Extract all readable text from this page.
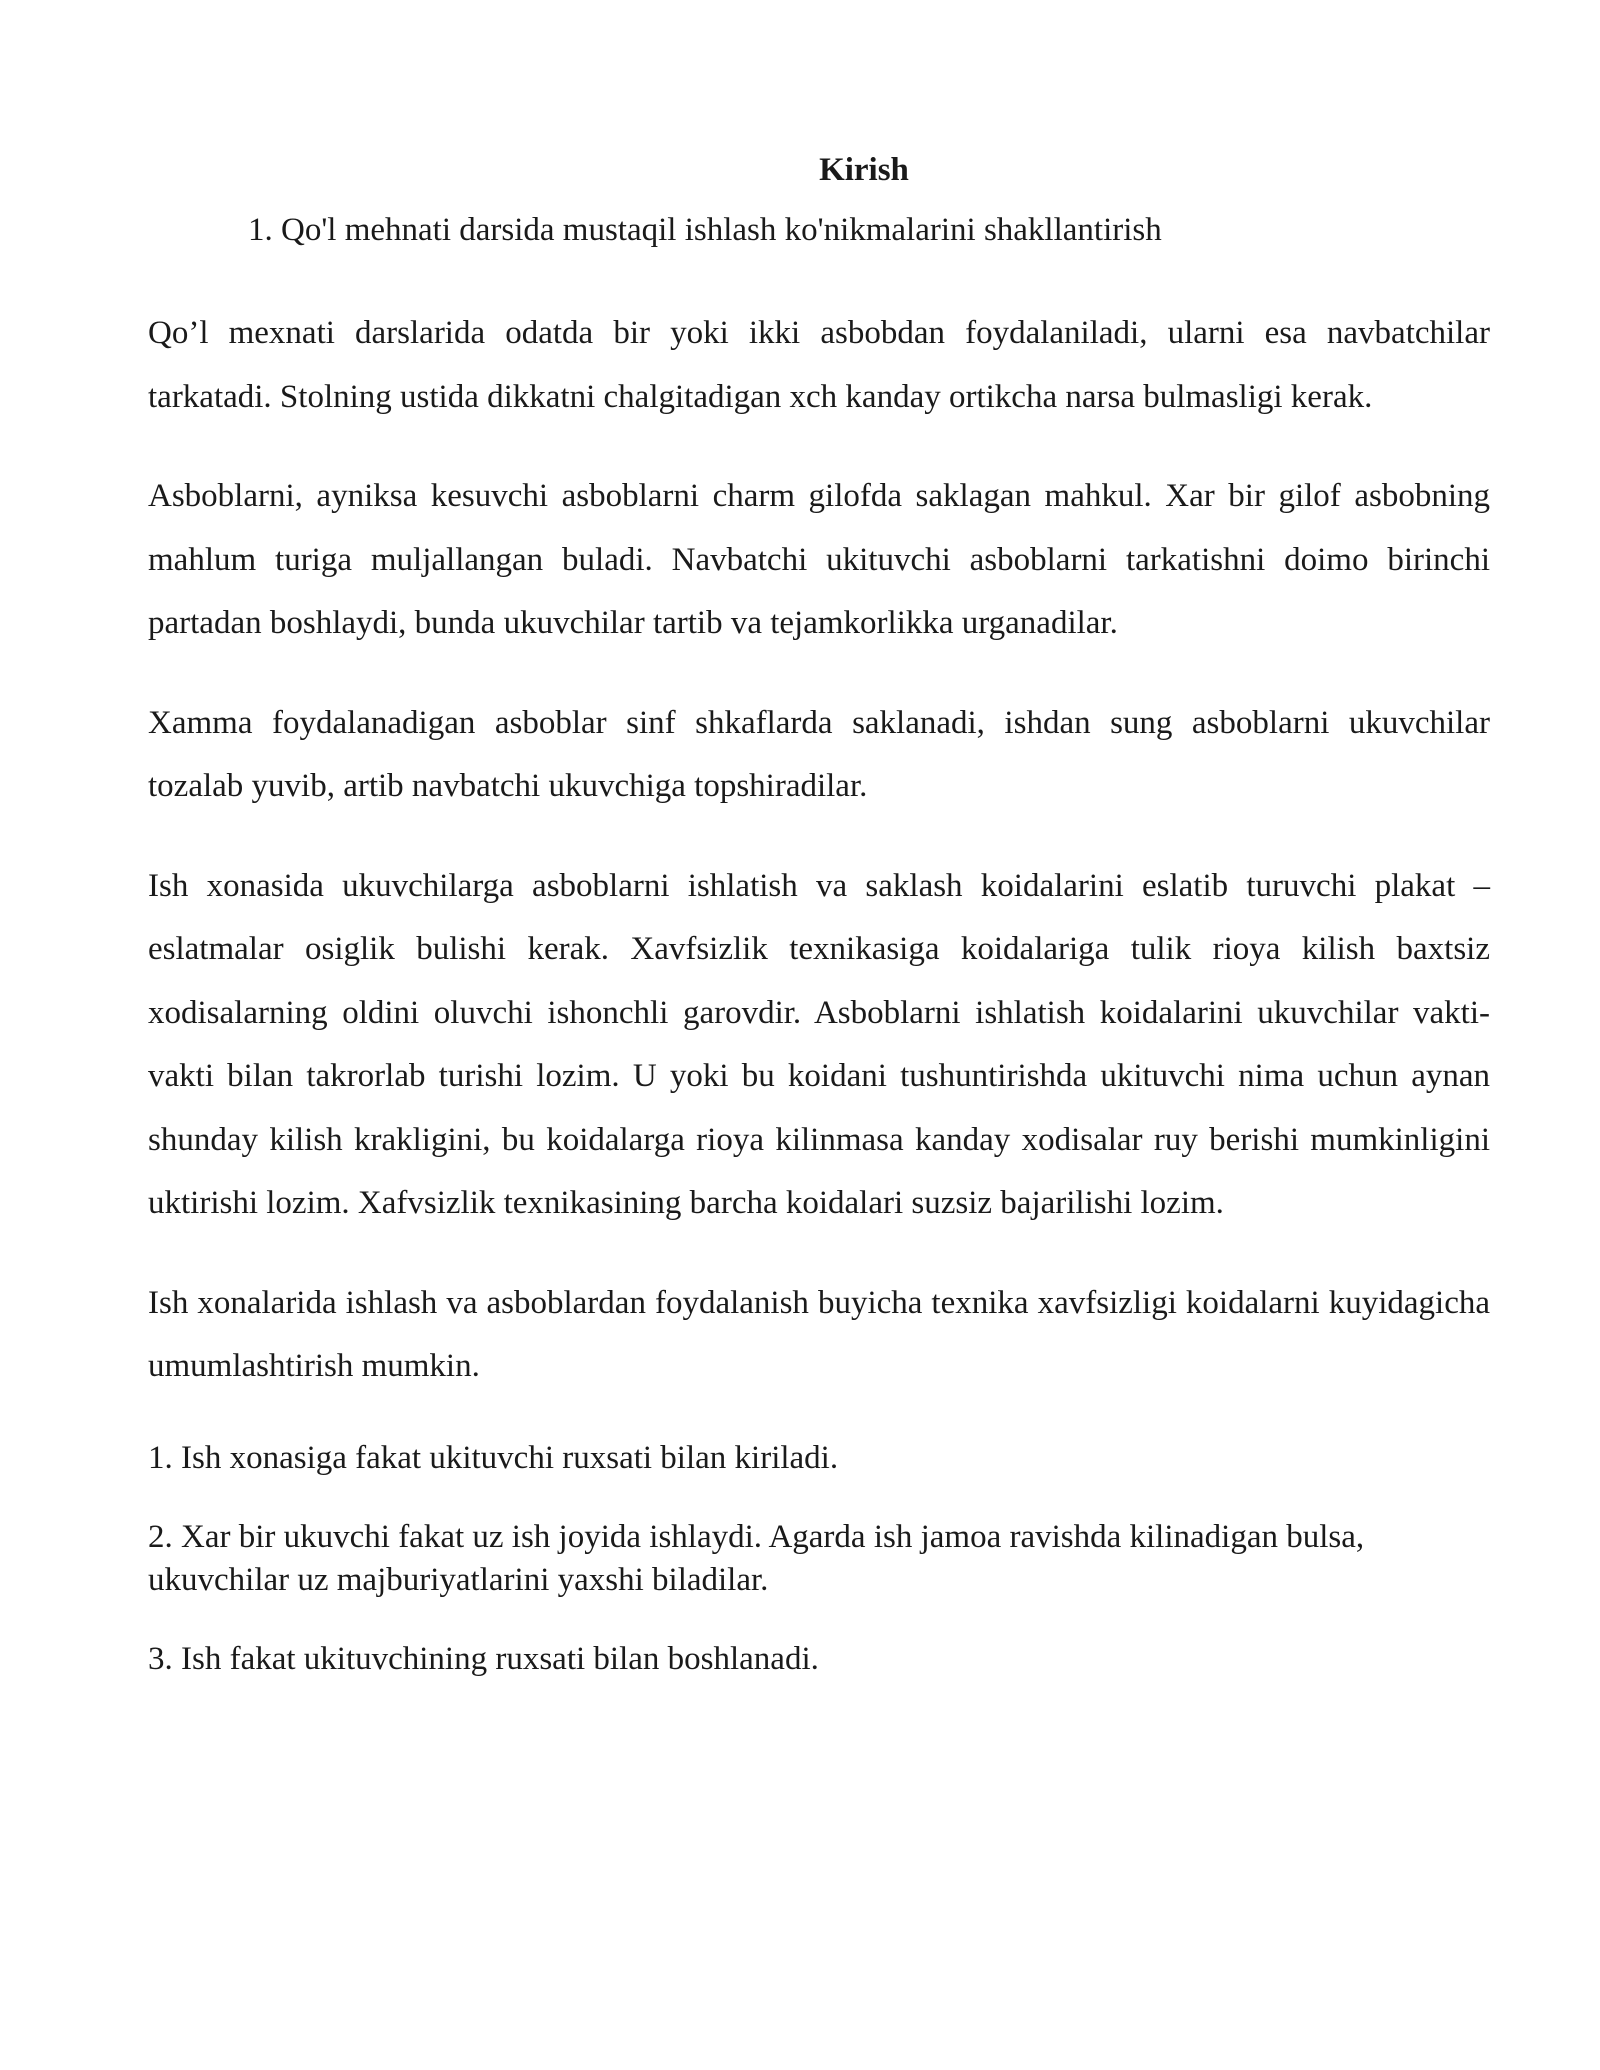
Kirish

1. Qo'l mehnati darsida mustaqil ishlash ko'nikmalarini shakllantirish

Qo’l mexnati darslarida odatda bir yoki ikki asbobdan foydalaniladi, ularni esa navbatchilar tarkatadi. Stolning ustida dikkatni chalgitadigan xch kanday ortikcha narsa bulmasligi kerak.

Asboblarni, ayniksa kesuvchi asboblarni charm gilofda saklagan mahkul. Xar bir gilof asbobning mahlum turiga muljallangan buladi. Navbatchi ukituvchi asboblarni tarkatishni doimo birinchi partadan boshlaydi, bunda ukuvchilar tartib va tejamkorlikka urganadilar.

Xamma foydalanadigan asboblar sinf shkaflarda saklanadi, ishdan sung asboblarni ukuvchilar tozalab yuvib, artib navbatchi ukuvchiga topshiradilar.

Ish xonasida ukuvchilarga asboblarni ishlatish va saklash koidalarini eslatib turuvchi plakat – eslatmalar osiglik bulishi kerak. Xavfsizlik texnikasiga koidalariga tulik rioya kilish baxtsiz xodisalarning oldini oluvchi ishonchli garovdir. Asboblarni ishlatish koidalarini ukuvchilar vakti-vakti bilan takrorlab turishi lozim. U yoki bu koidani tushuntirishda ukituvchi nima uchun aynan shunday kilish krakligini, bu koidalarga rioya kilinmasa kanday xodisalar ruy berishi mumkinligini uktirishi lozim. Xafvsizlik texnikasining barcha koidalari suzsiz bajarilishi lozim.

Ish xonalarida ishlash va asboblardan foydalanish buyicha texnika xavfsizligi koidalarni kuyidagicha umumlashtirish mumkin.

1. Ish xonasiga fakat ukituvchi ruxsati bilan kiriladi.

2. Xar bir ukuvchi fakat uz ish joyida ishlaydi. Agarda ish jamoa ravishda kilinadigan bulsa, ukuvchilar uz majburiyatlarini yaxshi biladilar.

3. Ish fakat ukituvchining ruxsati bilan boshlanadi.
